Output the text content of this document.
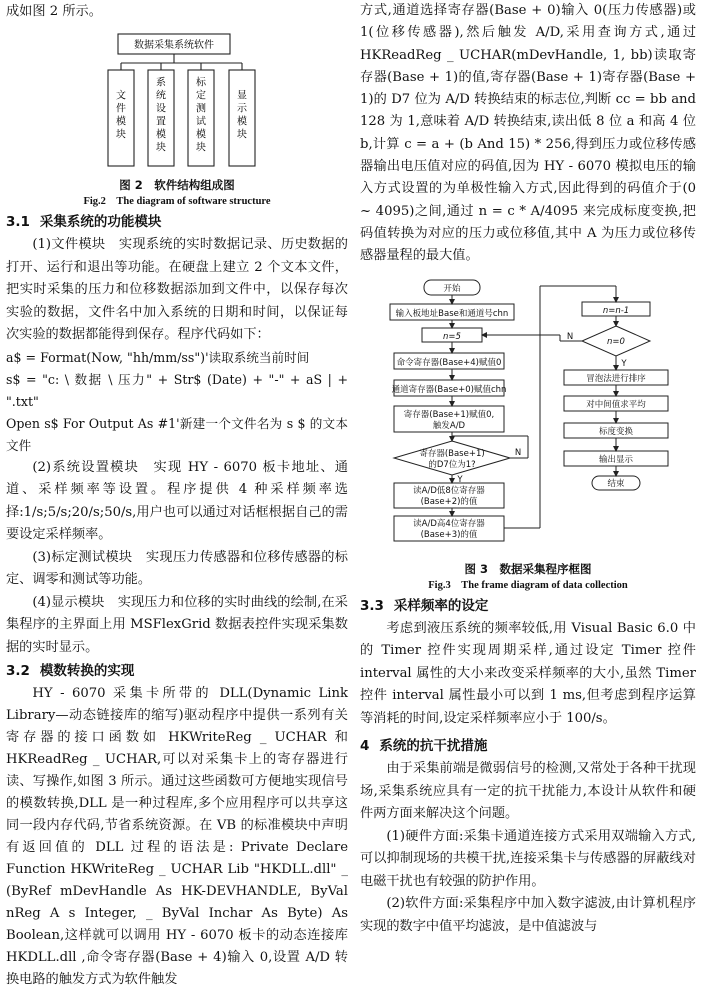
成如图 2 所示。

数据采集系统软件
文件模块
系统设置模块
标定测试模块
显示模块
图 2　软件结构组成图
Fig.2　The diagram of software structure
3.1 采集系统的功能模块

(1)文件模块　实现系统的实时数据记录、历史数据的打开、运行和退出等功能。在硬盘上建立 2 个文本文件，把实时采集的压力和位移数据添加到文件中，以保存每次实验的数据，文件名中加入系统的日期和时间，以保证每次实验的数据都能得到保存。程序代码如下：

a$ = Format(Now, "hh/mm/ss")'读取系统当前时间

s$ = "c: \ 数据 \ 压力" + Str$ (Date) + "-" + aS | + ".txt"

Open s$ For Output As #1'新建一个文件名为 s $ 的文本文件

(2)系统设置模块　实现 HY - 6070 板卡地址、通道、采样频率等设置。程序提供 4 种采样频率选择:1/s;5/s;20/s;50/s,用户也可以通过对话框根据自己的需要设定采样频率。

(3)标定测试模块　实现压力传感器和位移传感器的标定、调零和测试等功能。

(4)显示模块　实现压力和位移的实时曲线的绘制,在采集程序的主界面上用 MSFlexGrid 数据表控件实现采集数据的实时显示。

3.2 模数转换的实现

HY - 6070 采集卡所带的 DLL(Dynamic Link Library—动态链接库的缩写)驱动程序中提供一系列有关寄存器的接口函数如 HKWriteReg _ UCHAR 和 HKReadReg _ UCHAR,可以对采集卡上的寄存器进行读、写操作,如图 3 所示。通过这些函数可方便地实现信号的模数转换,DLL 是一种过程库,多个应用程序可以共享这同一段内存代码,节省系统资源。在 VB 的标准模块中声明有返回值的 DLL 过程的语法是: Private Declare Function HKWriteReg _ UCHAR Lib "HKDLL.dll" _ (ByRef mDevHandle As HK-DEVHANDLE, ByVal nReg A s Integer, _ ByVal Inchar As Byte) As Boolean,这样就可以调用 HY - 6070 板卡的动态连接库 HKDLL.dll ,命令寄存器(Base + 4)输入 0,设置 A/D 转换电路的触发方式为软件触发

方式,通道选择寄存器(Base + 0)输入 0(压力传感器)或 1(位移传感器),然后触发 A/D,采用查询方式,通过 HKReadReg _ UCHAR(mDevHandle, 1, bb)读取寄存器(Base + 1)的值,寄存器(Base + 1)寄存器(Base + 1)的 D7 位为 A/D 转换结束的标志位,判断 cc = bb and 128 为 1,意味着 A/D 转换结束,读出低 8 位 a 和高 4 位 b,计算 c = a + (b And 15) * 256,得到压力或位移传感器输出电压值对应的码值,因为 HY - 6070 模拟电压的输入方式设置的为单极性输入方式,因此得到的码值介于(0 ~ 4095)之间,通过 n = c * A/4095 来完成标度变换,把码值转换为对应的压力或位移值,其中 A 为压力或位移传感器量程的最大值。

开始
输入板地址Base和通道号chn
n=5
命令寄存器(Base+4)赋值0
通道寄存器(Base+0)赋值chn
寄存器(Base+1)赋值0,
触发A/D
寄存器(Base+1)
的D7位为1?
Y
N
读A/D低8位寄存器
(Base+2)的值
读A/D高4位寄存器
(Base+3)的值
n=n-1
n=0
Y
N
冒泡法进行排序
对中间值求平均
标度变换
输出显示
结束
图 3　数据采集程序框图
Fig.3　The frame diagram of data collection
3.3 采样频率的设定

考虑到液压系统的频率较低,用 Visual Basic 6.0 中的 Timer 控件实现周期采样,通过设定 Timer 控件 interval 属性的大小来改变采样频率的大小,虽然 Timer 控件 interval 属性最小可以到 1 ms,但考虑到程序运算等消耗的时间,设定采样频率应小于 100/s。

4 系统的抗干扰措施

由于采集前端是微弱信号的检测,又常处于各种干扰现场,采集系统应具有一定的抗干扰能力,本设计从软件和硬件两方面来解决这个问题。

(1)硬件方面:采集卡通道连接方式采用双端输入方式,可以抑制现场的共模干扰,连接采集卡与传感器的屏蔽线对电磁干扰也有较强的防护作用。

(2)软件方面:采集程序中加入数字滤波,由计算机程序实现的数字中值平均滤波，是中值滤波与
